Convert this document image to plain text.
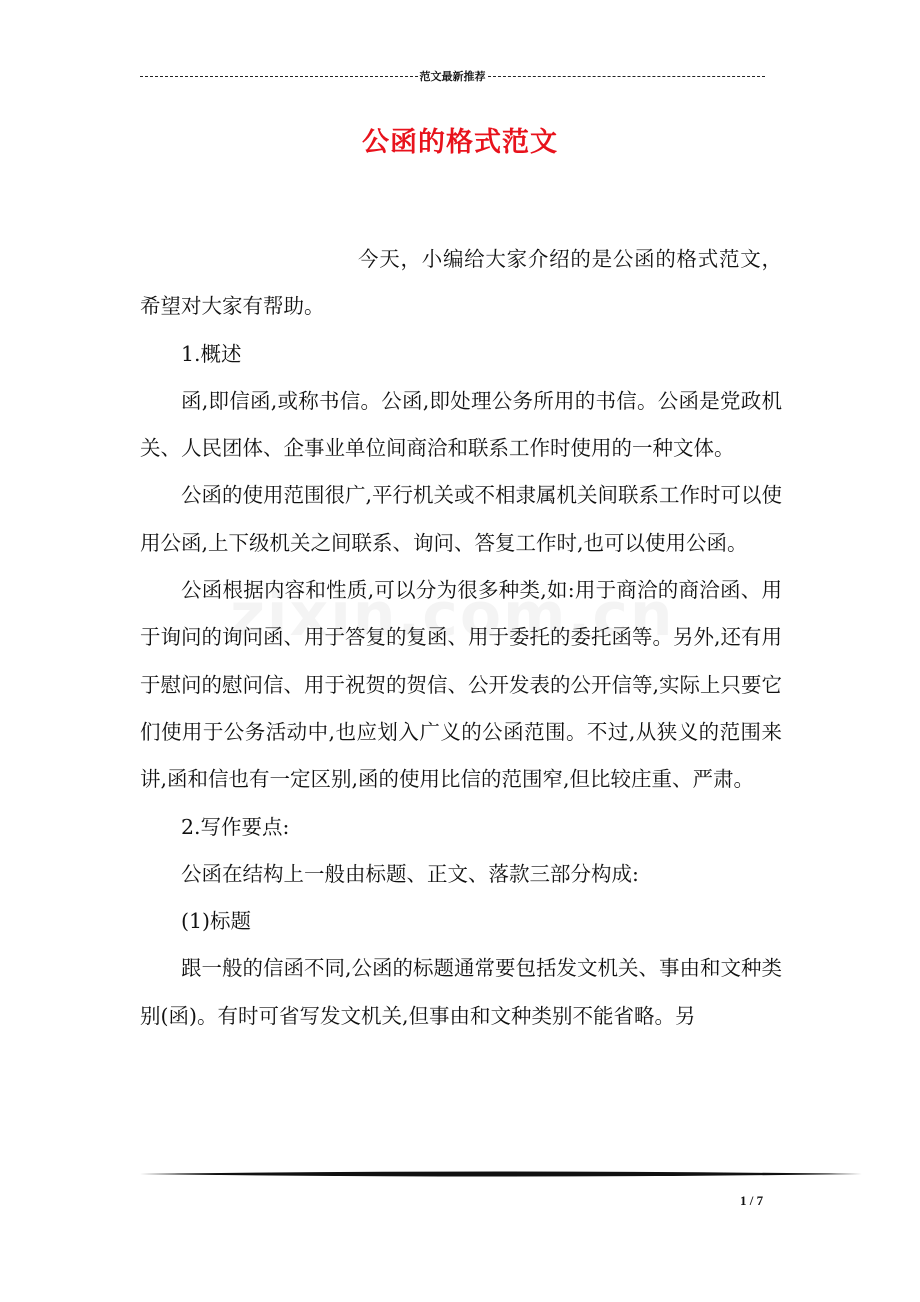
范文最新推荐
公函的格式范文

今天，小编给大家介绍的是公函的格式范文，希望对大家有帮助。

1.概述

函,即信函,或称书信。公函,即处理公务所用的书信。公函是党政机关、人民团体、企事业单位间商洽和联系工作时使用的一种文体。

公函的使用范围很广,平行机关或不相隶属机关间联系工作时可以使用公函,上下级机关之间联系、询问、答复工作时,也可以使用公函。

公函根据内容和性质,可以分为很多种类,如:用于商洽的商洽函、用于询问的询问函、用于答复的复函、用于委托的委托函等。另外,还有用于慰问的慰问信、用于祝贺的贺信、公开发表的公开信等,实际上只要它们使用于公务活动中,也应划入广义的公函范围。不过,从狭义的范围来讲,函和信也有一定区别,函的使用比信的范围窄,但比较庄重、严肃。

2.写作要点:

公函在结构上一般由标题、正文、落款三部分构成:

(1)标题

跟一般的信函不同,公函的标题通常要包括发文机关、事由和文种类别(函)。有时可省写发文机关,但事由和文种类别不能省略。另

1 / 7
